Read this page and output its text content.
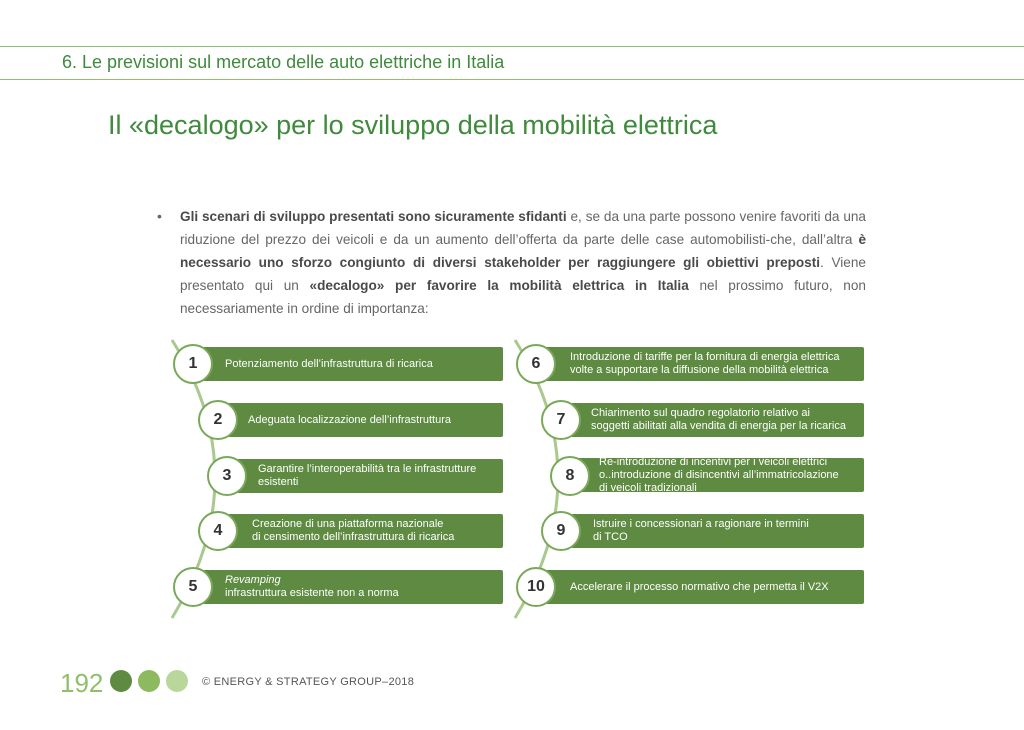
6. Le previsioni sul mercato delle auto elettriche in Italia
Il «decalogo» per lo sviluppo della mobilità elettrica
• Gli scenari di sviluppo presentati sono sicuramente sfidanti e, se da una parte possono venire favoriti da una riduzione del prezzo dei veicoli e da un aumento dell’offerta da parte delle case automobilisti-che, dall’altra è necessario uno sforzo congiunto di diversi stakeholder per raggiungere gli obiettivi preposti. Viene presentato qui un «decalogo» per favorire la mobilità elettrica in Italia nel prossimo futuro, non necessariamente in ordine di importanza:
Potenziamento dell’infrastruttura di ricarica
1
Adeguata localizzazione dell’infrastruttura
2
Garantire l’interoperabilità tra le infrastrutture
esistenti
3
Creazione di una piattaforma nazionale
di censimento dell’infrastruttura di ricarica
4
Revamping
infrastruttura esistente non a norma
5
Introduzione di tariffe per la fornitura di energia elettrica
volte a supportare la diffusione della mobilità elettrica
6
Chiarimento sul quadro regolatorio relativo ai
soggetti abilitati alla vendita di energia per la ricarica
7
Re-introduzione di incentivi per i veicoli elettrici
o..introduzione di disincentivi all’immatricolazione
di veicoli tradizionali
8
Istruire i concessionari a ragionare in termini
di TCO
9
Accelerare il processo normativo che permetta il V2X
10
192	© ENERGY & STRATEGY GROUP–2018
